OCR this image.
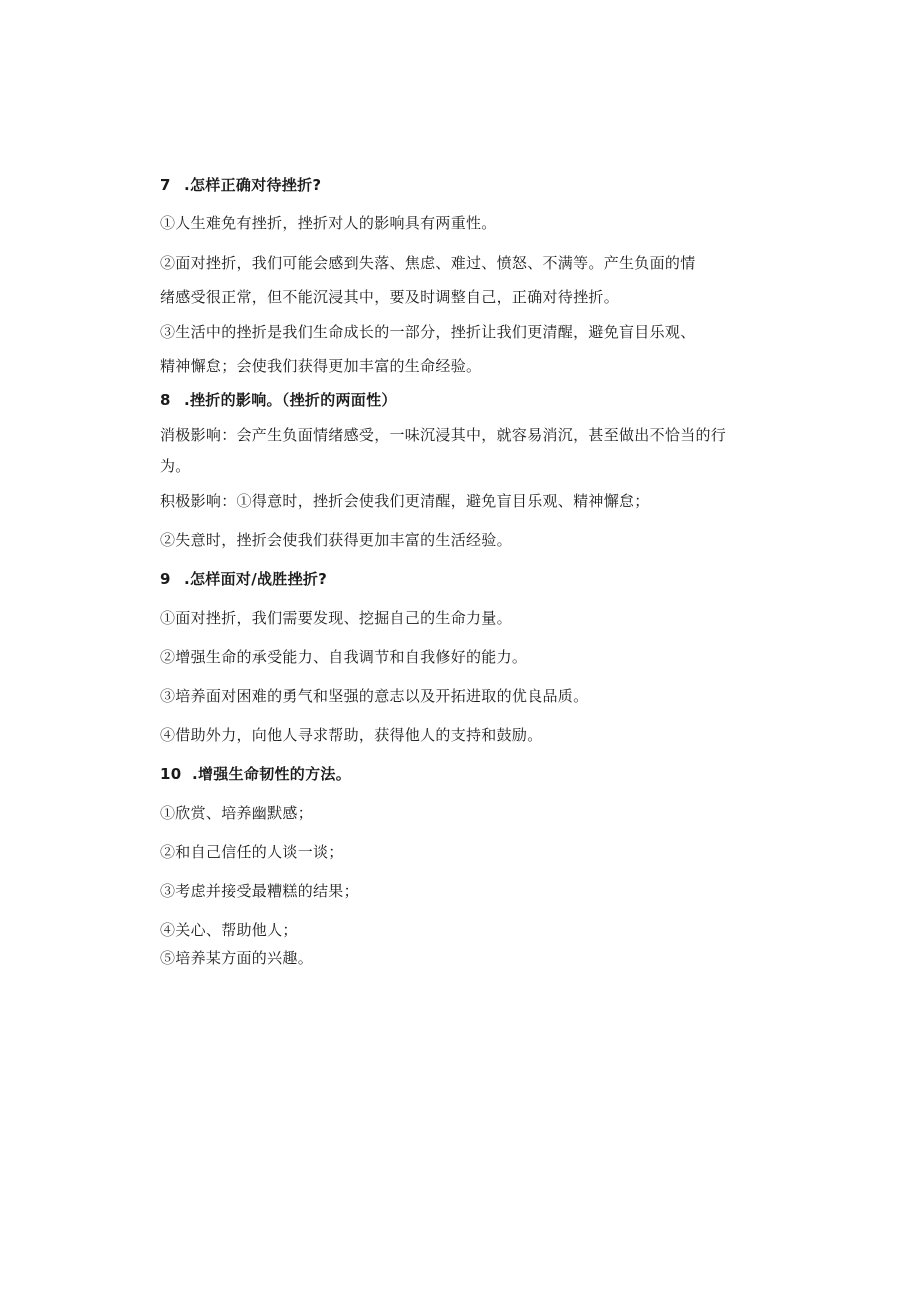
7 .怎样正确对待挫折?
①人生难免有挫折，挫折对人的影响具有两重性。
②面对挫折，我们可能会感到失落、焦虑、难过、愤怒、不满等。产生负面的情
绪感受很正常，但不能沉浸其中，要及时调整自己，正确对待挫折。
③生活中的挫折是我们生命成长的一部分，挫折让我们更清醒，避免盲目乐观、
精神懈怠；会使我们获得更加丰富的生命经验。
8 .挫折的影响。（挫折的两面性）
消极影响：会产生负面情绪感受，一味沉浸其中，就容易消沉，甚至做出不恰当的行
为。
积极影响：①得意时，挫折会使我们更清醒，避免盲目乐观、精神懈怠；
②失意时，挫折会使我们获得更加丰富的生活经验。
9 .怎样面对/战胜挫折?
①面对挫折，我们需要发现、挖掘自己的生命力量。
②增强生命的承受能力、自我调节和自我修好的能力。
③培养面对困难的勇气和坚强的意志以及开拓进取的优良品质。
④借助外力，向他人寻求帮助，获得他人的支持和鼓励。
10 .增强生命韧性的方法。
①欣赏、培养幽默感；
②和自己信任的人谈一谈；
③考虑并接受最糟糕的结果；
④关心、帮助他人；
⑤培养某方面的兴趣。
